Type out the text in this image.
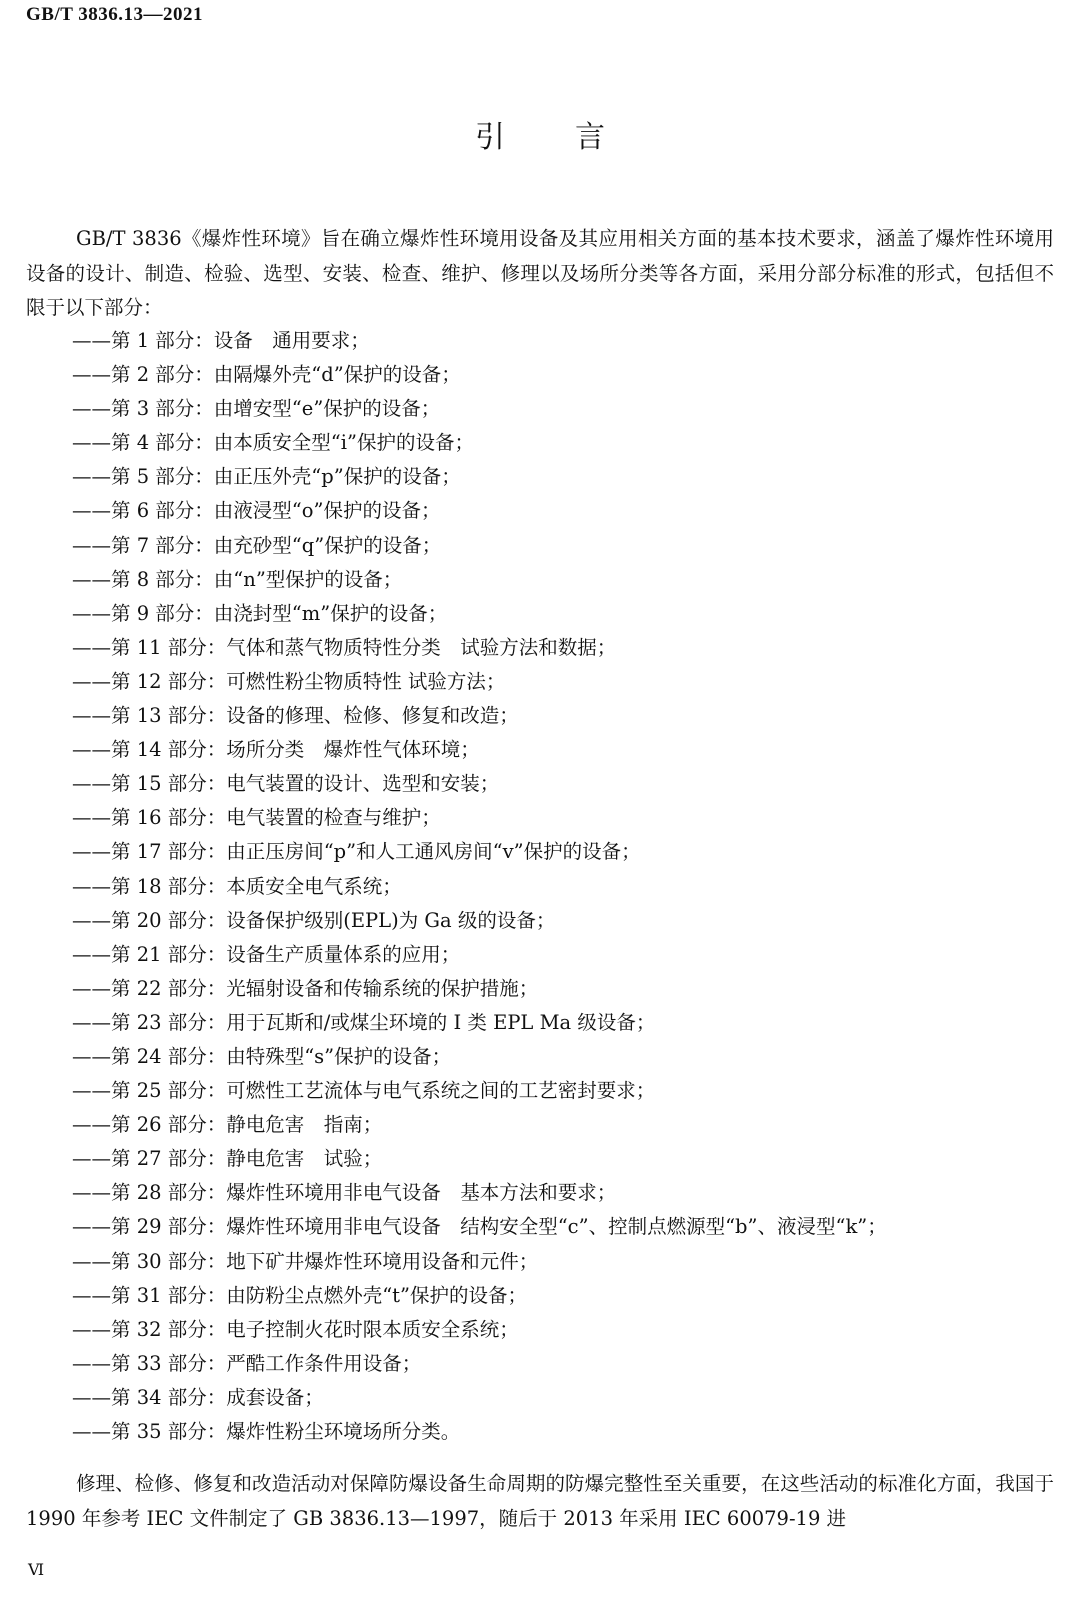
GB/T 3836.13—2021
引言
GB/T 3836《爆炸性环境》旨在确立爆炸性环境用设备及其应用相关方面的基本技术要求，涵盖了爆炸性环境用设备的设计、制造、检验、选型、安装、检查、维护、修理以及场所分类等各方面，采用分部分标准的形式，包括但不限于以下部分：
——第 1 部分：设备　通用要求；
——第 2 部分：由隔爆外壳“d”保护的设备；
——第 3 部分：由增安型“e”保护的设备；
——第 4 部分：由本质安全型“i”保护的设备；
——第 5 部分：由正压外壳“p”保护的设备；
——第 6 部分：由液浸型“o”保护的设备；
——第 7 部分：由充砂型“q”保护的设备；
——第 8 部分：由“n”型保护的设备；
——第 9 部分：由浇封型“m”保护的设备；
——第 11 部分：气体和蒸气物质特性分类　试验方法和数据；
——第 12 部分：可燃性粉尘物质特性 试验方法；
——第 13 部分：设备的修理、检修、修复和改造；
——第 14 部分：场所分类　爆炸性气体环境；
——第 15 部分：电气装置的设计、选型和安装；
——第 16 部分：电气装置的检查与维护；
——第 17 部分：由正压房间“p”和人工通风房间“v”保护的设备；
——第 18 部分：本质安全电气系统；
——第 20 部分：设备保护级别(EPL)为 Ga 级的设备；
——第 21 部分：设备生产质量体系的应用；
——第 22 部分：光辐射设备和传输系统的保护措施；
——第 23 部分：用于瓦斯和/或煤尘环境的 I 类 EPL Ma 级设备；
——第 24 部分：由特殊型“s”保护的设备；
——第 25 部分：可燃性工艺流体与电气系统之间的工艺密封要求；
——第 26 部分：静电危害　指南；
——第 27 部分：静电危害　试验；
——第 28 部分：爆炸性环境用非电气设备　基本方法和要求；
——第 29 部分：爆炸性环境用非电气设备　结构安全型“c”、控制点燃源型“b”、液浸型“k”；
——第 30 部分：地下矿井爆炸性环境用设备和元件；
——第 31 部分：由防粉尘点燃外壳“t”保护的设备；
——第 32 部分：电子控制火花时限本质安全系统；
——第 33 部分：严酷工作条件用设备；
——第 34 部分：成套设备；
——第 35 部分：爆炸性粉尘环境场所分类。
修理、检修、修复和改造活动对保障防爆设备生命周期的防爆完整性至关重要，在这些活动的标准化方面，我国于 1990 年参考 IEC 文件制定了 GB 3836.13—1997，随后于 2013 年采用 IEC 60079-19 进
Ⅵ
